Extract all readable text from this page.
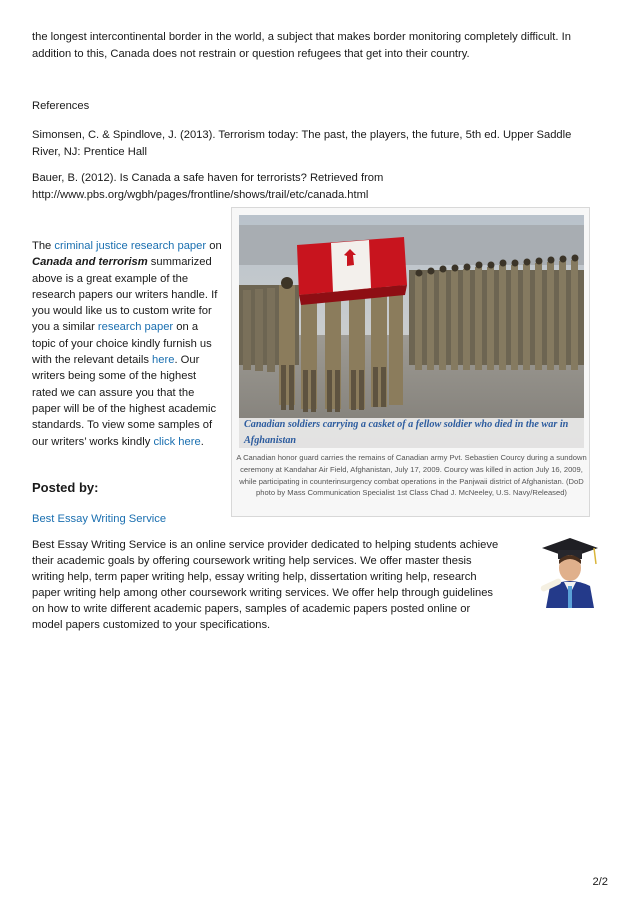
the longest intercontinental border in the world, a subject that makes border monitoring completely difficult. In

addition to this, Canada does not restrain or question refugees that get into their country.

References

Simonsen, C. & Spindlove, J. (2013). Terrorism today: The past, the players, the future, 5th ed. Upper Saddle

River, NJ: Prentice Hall

Bauer, B. (2012). Is Canada a safe haven for terrorists? Retrieved from

http://www.pbs.org/wgbh/pages/frontline/shows/trail/etc/canada.html

The criminal justice research paper on Canada and terrorism summarized above is a great example of the research papers our writers handle. If you would like us to custom write for you a similar research paper on a topic of your choice kindly furnish us with the relevant details here. Our writers being some of the highest rated we can assure you that the paper will be of the highest academic standards. To view some samples of our writers’ works kindly click here.
Canadian soldiers carrying a casket of a fellow soldier who died in the war in Afghanistan
A Canadian honor guard carries the remains of Canadian army Pvt. Sebastien Courcy during a sundown ceremony at Kandahar Air Field, Afghanistan, July 17, 2009. Courcy was killed in action July 16, 2009, while participating in counterinsurgency combat operations in the Panjwaii district of Afghanistan. (DoD photo by Mass Communication Specialist 1st Class Chad J. McNeeley, U.S. Navy/Released)
Posted by:
Best Essay Writing Service

Best Essay Writing Service is an online service provider dedicated to helping students achieve

their academic goals by offering coursework writing help services. We offer master thesis

writing help, term paper writing help, essay writing help, dissertation writing help, research

paper writing help among other coursework writing services. We offer help through guidelines

on how to write different academic papers, samples of academic papers posted online or

model papers customized to your specifications.

2/2
